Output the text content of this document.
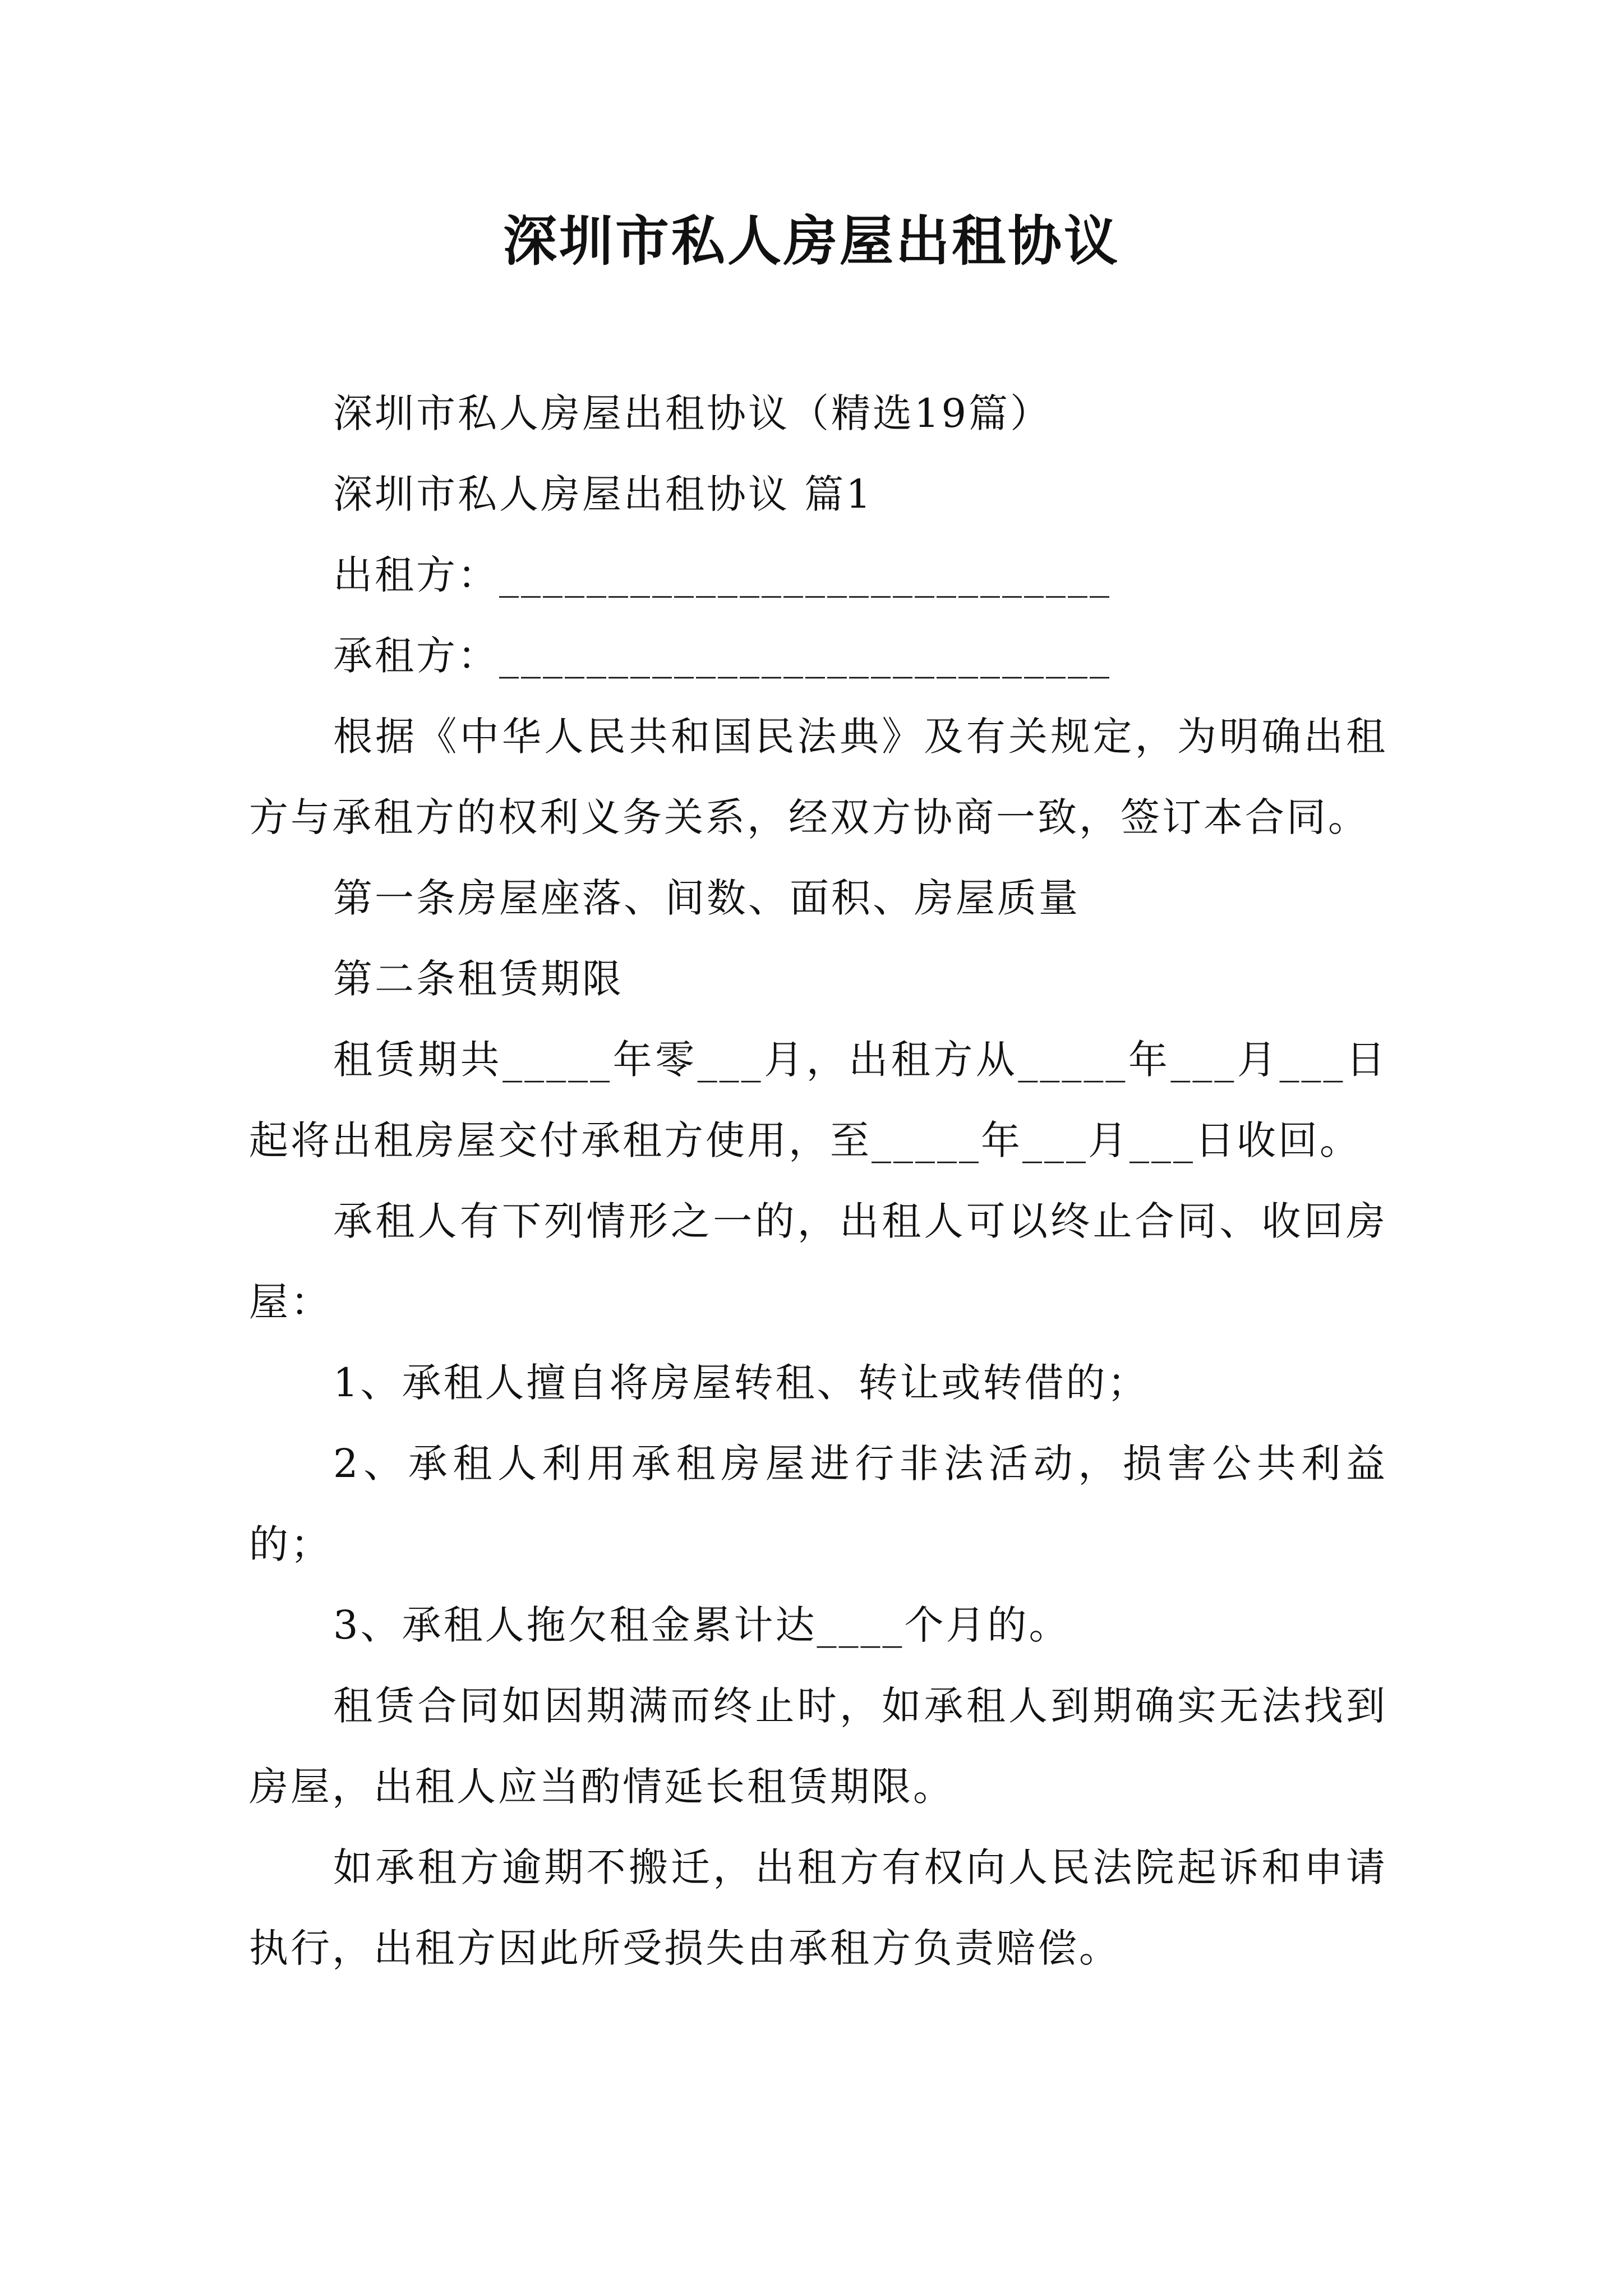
深圳市私人房屋出租协议

深圳市私人房屋出租协议（精选19篇）

深圳市私人房屋出租协议 篇1

出租方：____________________________

承租方：____________________________

根据《中华人民共和国民法典》及有关规定，为明确出租方与承租方的权利义务关系，经双方协商一致，签订本合同。

第一条房屋座落、间数、面积、房屋质量

第二条租赁期限

租赁期共_____年零___月，出租方从_____年___月___日起将出租房屋交付承租方使用，至_____年___月___日收回。

承租人有下列情形之一的，出租人可以终止合同、收回房屋：

1、承租人擅自将房屋转租、转让或转借的；

2、承租人利用承租房屋进行非法活动，损害公共利益的；

3、承租人拖欠租金累计达____个月的。

租赁合同如因期满而终止时，如承租人到期确实无法找到房屋，出租人应当酌情延长租赁期限。

如承租方逾期不搬迁，出租方有权向人民法院起诉和申请执行，出租方因此所受损失由承租方负责赔偿。
